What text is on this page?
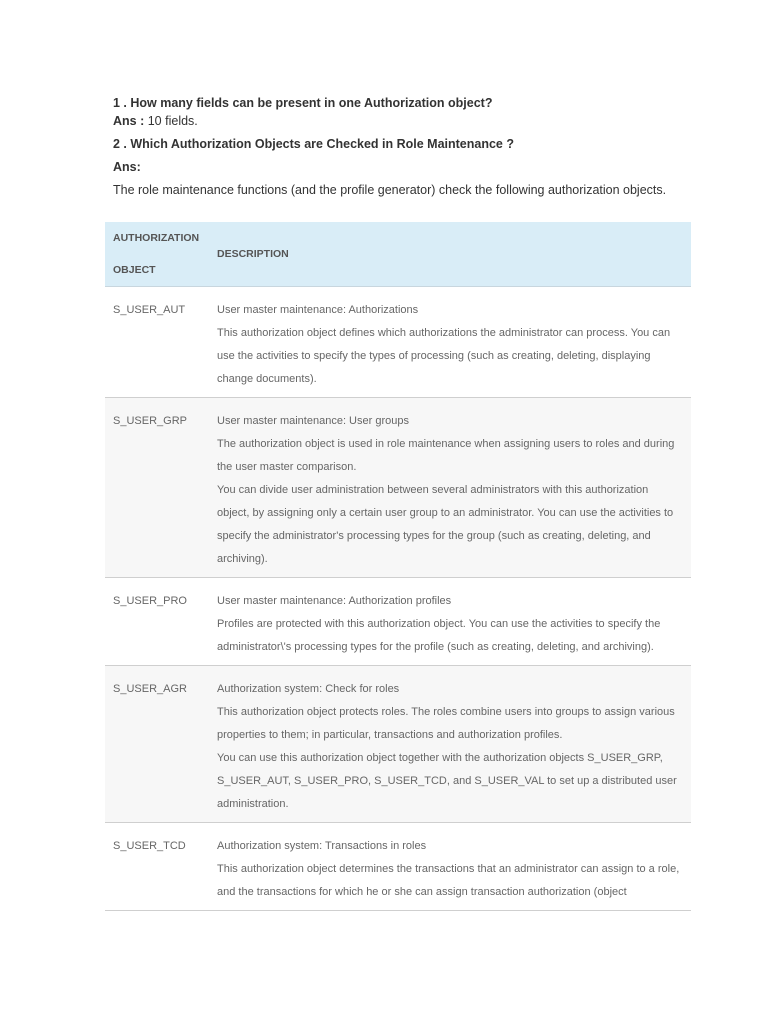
1 . How many fields can be present in one Authorization object?
Ans : 10 fields.
2 . Which Authorization Objects are Checked in Role Maintenance ?
Ans:
The role maintenance functions (and the profile generator) check the following authorization objects.
AUTHORIZATION
OBJECT	DESCRIPTION
S_USER_AUT	User master maintenance: Authorizations
This authorization object defines which authorizations the administrator can process. You can use the activities to specify the types of processing (such as creating, deleting, displaying change documents).

S_USER_GRP	User master maintenance: User groups
The authorization object is used in role maintenance when assigning users to roles and during the user master comparison.
You can divide user administration between several administrators with this authorization object, by assigning only a certain user group to an administrator. You can use the activities to specify the administrator's processing types for the group (such as creating, deleting, and archiving).

S_USER_PRO	User master maintenance: Authorization profiles
Profiles are protected with this authorization object. You can use the activities to specify the administrator\'s processing types for the profile (such as creating, deleting, and archiving).

S_USER_AGR	Authorization system: Check for roles
This authorization object protects roles. The roles combine users into groups to assign various properties to them; in particular, transactions and authorization profiles.
You can use this authorization object together with the authorization objects S_USER_GRP, S_USER_AUT, S_USER_PRO, S_USER_TCD, and S_USER_VAL to set up a distributed user administration.

S_USER_TCD	Authorization system: Transactions in roles
This authorization object determines the transactions that an administrator can assign to a role, and the transactions for which he or she can assign transaction authorization (object
